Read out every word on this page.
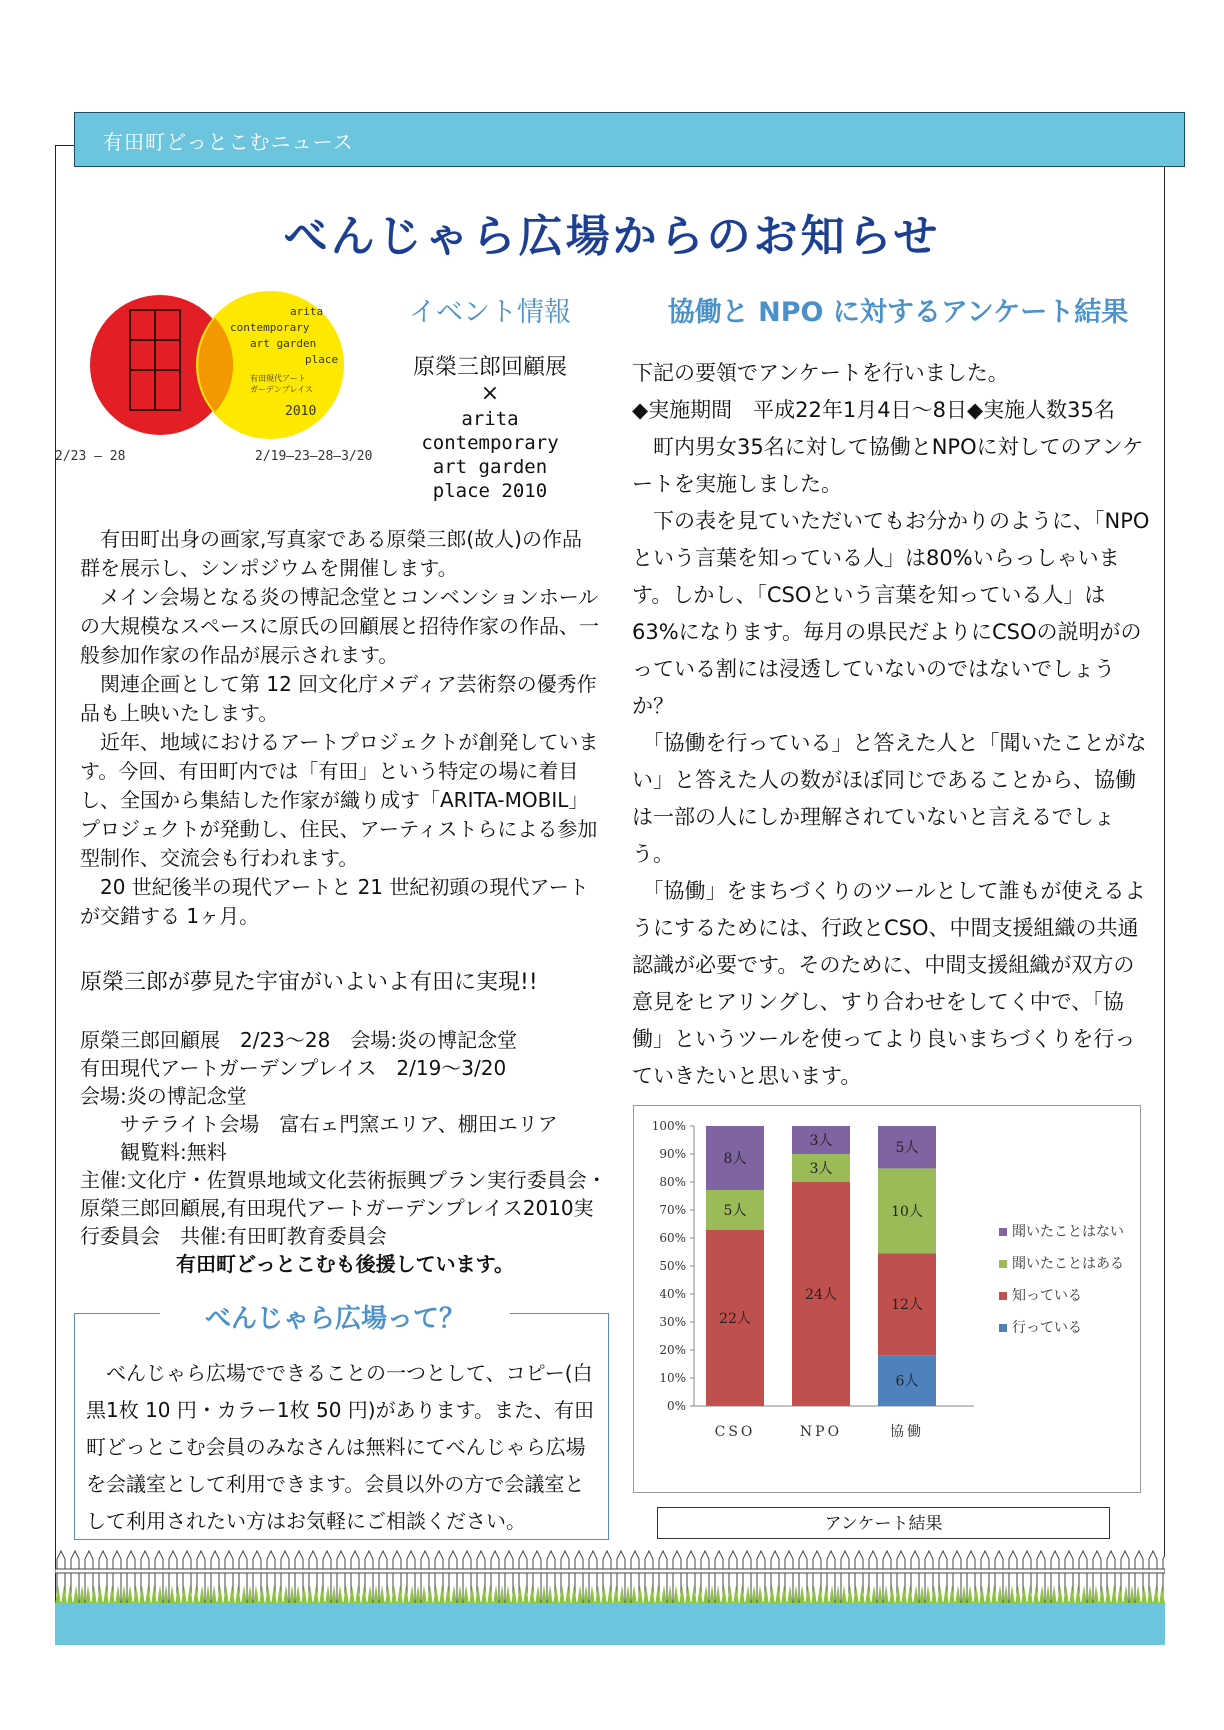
有田町どっとこむニュース
べんじゃら広場からのお知らせ
arita
contemporary
art garden
place
有田現代アート
ガーデンプレイス
2010
2/23 — 28	2/19—23—28—3/20
イベント情報
原榮三郎回顧展
×
arita
contemporary
art garden
place 2010

　有田町出身の画家,写真家である原榮三郎(故人)の作品群を展示し、シンポジウムを開催します。

　メイン会場となる炎の博記念堂とコンベンションホールの大規模なスペースに原氏の回顧展と招待作家の作品、一般参加作家の作品が展示されます。

　関連企画として第 12 回文化庁メディア芸術祭の優秀作品も上映いたします。

　近年、地域におけるアートプロジェクトが創発しています。今回、有田町内では「有田」という特定の場に着目し、全国から集結した作家が織り成す「ARITA-MOBIL」プロジェクトが発動し、住民、アーティストらによる参加型制作、交流会も行われます。

　20 世紀後半の現代アートと 21 世紀初頭の現代アートが交錯する 1ヶ月。

原榮三郎が夢見た宇宙がいよいよ有田に実現!!

原榮三郎回顧展　2/23～28　会場:炎の博記念堂

有田現代アートガーデンプレイス　2/19～3/20

会場:炎の博記念堂

　　サテライト会場　富右ェ門窯エリア、棚田エリア

　　観覧料:無料

主催:文化庁・佐賀県地域文化芸術振興プラン実行委員会・原榮三郎回顧展,有田現代アートガーデンプレイス2010実行委員会　共催:有田町教育委員会

有田町どっとこむも後援しています。

べんじゃら広場って？
　べんじゃら広場でできることの一つとして、コピー(白黒1枚 10 円・カラー1枚 50 円)があります。また、有田町どっとこむ会員のみなさんは無料にてべんじゃら広場を会議室として利用できます。会員以外の方で会議室として利用されたい方はお気軽にご相談ください。
協働と NPO に対するアンケート結果

下記の要領でアンケートを行いました。

◆実施期間　平成22年1月4日～8日◆実施人数35名

　町内男女35名に対して協働とNPOに対してのアンケートを実施しました。

　下の表を見ていただいてもお分かりのように、「NPOという言葉を知っている人」は80%いらっしゃいます。しかし、「CSOという言葉を知っている人」は63%になります。毎月の県民だよりにCSOの説明がのっている割には浸透していないのではないでしょうか？

　「協働を行っている」と答えた人と「聞いたことがない」と答えた人の数がほぼ同じであることから、協働は一部の人にしか理解されていないと言えるでしょう。

　「協働」をまちづくりのツールとして誰もが使えるようにするためには、行政とCSO、中間支援組織の共通認識が必要です。そのために、中間支援組織が双方の意見をヒアリングし、すり合わせをしてく中で、「協働」というツールを使ってより良いまちづくりを行っていきたいと思います。

0%
10%
20%
30%
40%
50%
60%
70%
80%
90%
100%
22人
5人
8人
CSO
24人
3人
3人
NPO
6人
12人
10人
5人
協働
聞いたことはない
聞いたことはある
知っている
行っている
アンケート結果
